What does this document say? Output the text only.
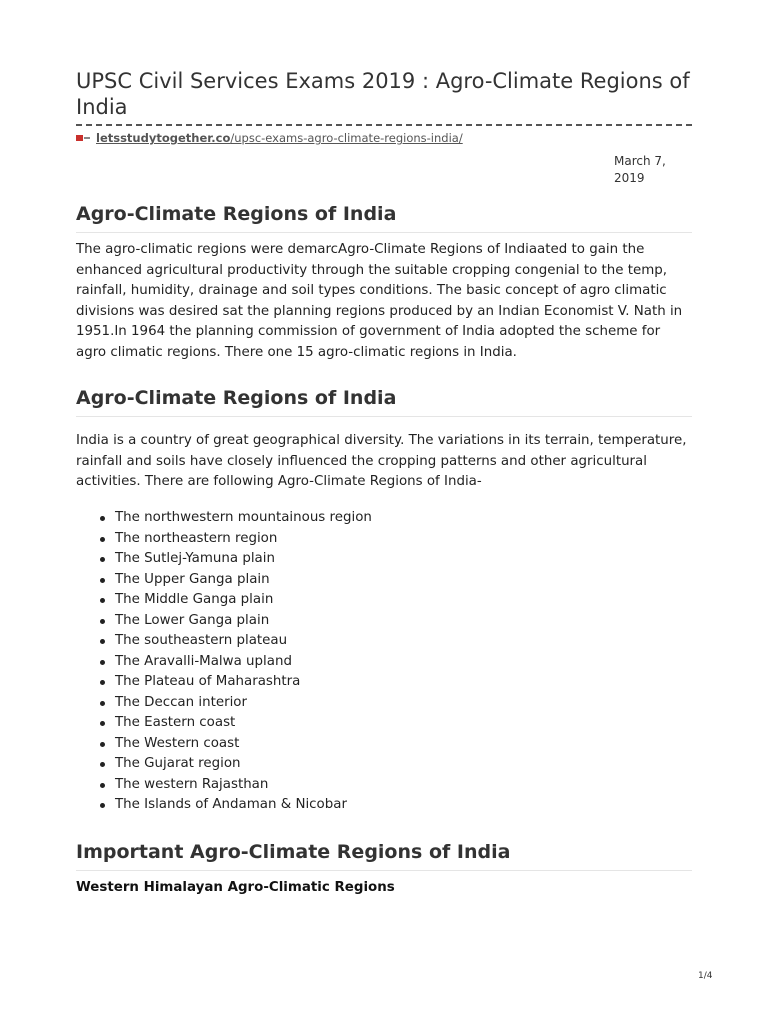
UPSC Civil Services Exams 2019 : Agro-Climate Regions of India
letsstudytogether.co /upsc-exams-agro-climate-regions-india/
March 7, 2019
Agro-Climate Regions of India

The agro-climatic regions were demarcAgro-Climate Regions of Indiaated to gain the enhanced agricultural productivity through the suitable cropping congenial to the temp, rainfall, humidity, drainage and soil types conditions. The basic concept of agro climatic divisions was desired sat the planning regions produced by an Indian Economist V. Nath in 1951.In 1964 the planning commission of government of India adopted the scheme for agro climatic regions. There one 15 agro-climatic regions in India.

Agro-Climate Regions of India

India is a country of great geographical diversity. The variations in its terrain, temperature, rainfall and soils have closely influenced the cropping patterns and other agricultural activities. There are following Agro-Climate Regions of India-

The northwestern mountainous region
The northeastern region
The Sutlej-Yamuna plain
The Upper Ganga plain
The Middle Ganga plain
The Lower Ganga plain
The southeastern plateau
The Aravalli-Malwa upland
The Plateau of Maharashtra
The Deccan interior
The Eastern coast
The Western coast
The Gujarat region
The western Rajasthan
The Islands of Andaman & Nicobar
Important Agro-Climate Regions of India
Western Himalayan Agro-Climatic Regions
1/4
